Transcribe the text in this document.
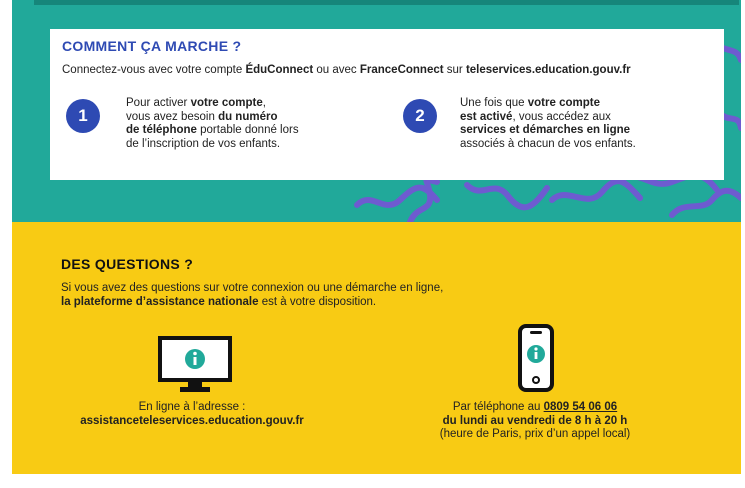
COMMENT ÇA MARCHE ?
Connectez-vous avec votre compte ÉduConnect ou avec FranceConnect sur teleservices.education.gouv.fr
1
Pour activer votre compte,
vous avez besoin du numéro
de téléphone portable donné lors
de l’inscription de vos enfants.
2
Une fois que votre compte
est activé, vous accédez aux
services et démarches en ligne
associés à chacun de vos enfants.
DES QUESTIONS ?
Si vous avez des questions sur votre connexion ou une démarche en ligne,
la plateforme d’assistance nationale est à votre disposition.
En ligne à l’adresse :
assistanceteleservices.education.gouv.fr
Par téléphone au 0809 54 06 06
du lundi au vendredi de 8 h à 20 h
(heure de Paris, prix d’un appel local)
